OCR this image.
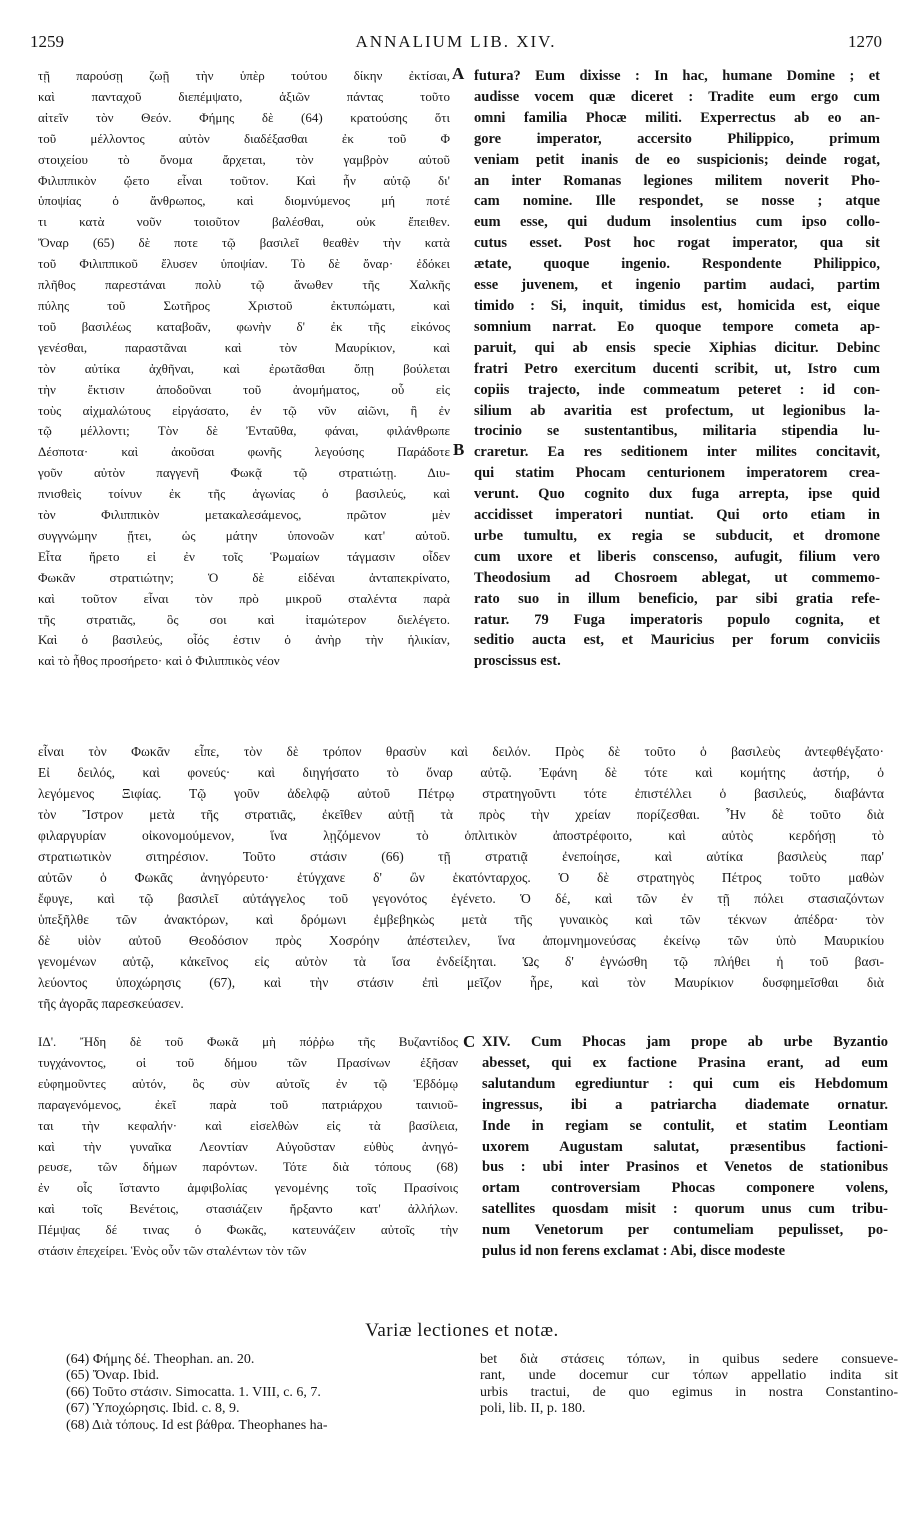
1259	ANNALIUM LIB. XIV.	1270
A
B
C
τῇ παρούσῃ ζωῇ τὴν ὑπὲρ τούτου δίκην ἐκτίσαι,
καὶ πανταχοῦ διεπέμψατο, ἀξιῶν πάντας τοῦτο
αἰτεῖν τὸν Θεόν. Φήμης δὲ (64) κρατούσης ὅτι
τοῦ μέλλοντος αὐτὸν διαδέξασθαι ἐκ τοῦ Φ
στοιχείου τὸ ὄνομα ἄρχεται, τὸν γαμβρὸν αὐτοῦ
Φιλιππικὸν ᾤετο εἶναι τοῦτον. Καὶ ἦν αὐτῷ δι'
ὑποψίας ὁ ἄνθρωπος, καὶ διομνύμενος μή ποτέ
τι κατὰ νοῦν τοιοῦτον βαλέσθαι, οὐκ ἔπειθεν.
Ὄναρ (65) δὲ ποτε τῷ βασιλεῖ θεαθὲν τὴν κατὰ
τοῦ Φιλιππικοῦ ἔλυσεν ὑποψίαν. Τὸ δὲ ὄναρ· ἐδόκει
πλῆθος παρεστάναι πολὺ τῷ ἄνωθεν τῆς Χαλκῆς
πύλης τοῦ Σωτῆρος Χριστοῦ ἐκτυπώματι, καὶ
τοῦ βασιλέως καταβοᾶν, φωνὴν δ' ἐκ τῆς εἰκόνος
γενέσθαι, παραστᾶναι καὶ τὸν Μαυρίκιον, καὶ
τὸν αὐτίκα ἀχθῆναι, καὶ ἐρωτᾶσθαι ὅπῃ βούλεται
τὴν ἔκτισιν ἀποδοῦναι τοῦ ἀνομήματος, οὗ εἰς
τοὺς αἰχμαλώτους εἰργάσατο, ἐν τῷ νῦν αἰῶνι, ἢ ἐν
τῷ μέλλοντι; Τὸν δὲ Ἐνταῦθα, φάναι, φιλάνθρωπε
Δέσποτα· καὶ ἀκοῦσαι φωνῆς λεγούσης Παράδοτε
γοῦν αὐτὸν παγγενῆ Φωκᾷ τῷ στρατιώτῃ. Διυ-
πνισθεὶς τοίνυν ἐκ τῆς ἀγωνίας ὁ βασιλεύς, καὶ
τὸν Φιλιππικὸν μετακαλεσάμενος, πρῶτον μὲν
συγγνώμην ᾔτει, ὡς μάτην ὑπονοῶν κατ' αὐτοῦ.
Εἶτα ἤρετο εἰ ἐν τοῖς Ῥωμαίων τάγμασιν οἶδεν
Φωκᾶν στρατιώτην; Ὁ δὲ εἰδέναι ἀνταπεκρίνατο,
καὶ τοῦτον εἶναι τὸν πρὸ μικροῦ σταλέντα παρὰ
τῆς στρατιᾶς, ὃς σοι καὶ ἰταμώτερον διελέγετο.
Καὶ ὁ βασιλεύς, οἷός ἐστιν ὁ ἀνὴρ τὴν ἡλικίαν,
καὶ τὸ ἦθος προσήρετο· καὶ ὁ Φιλιππικὸς νέον
futura? Eum dixisse : In hac, humane Domine ; et
audisse vocem quæ diceret : Tradite eum ergo cum
omni familia Phocæ militi. Experrectus ab eo an-
gore imperator, accersito Philippico, primum
veniam petit inanis de eo suspicionis; deinde rogat,
an inter Romanas legiones militem noverit Pho-
cam nomine. Ille respondet, se nosse ; atque
eum esse, qui dudum insolentius cum ipso collo-
cutus esset. Post hoc rogat imperator, qua sit
ætate, quoque ingenio. Respondente Philippico,
esse juvenem, et ingenio partim audaci, partim
timido : Si, inquit, timidus est, homicida est, eique
somnium narrat. Eo quoque tempore cometa ap-
paruit, qui ab ensis specie Xiphias dicitur. Debinc
fratri Petro exercitum ducenti scribit, ut, Istro cum
copiis trajecto, inde commeatum peteret : id con-
silium ab avaritia est profectum, ut legionibus la-
trocinio se sustentantibus, militaria stipendia lu-
craretur. Ea res seditionem inter milites concitavit,
qui statim Phocam centurionem imperatorem crea-
verunt. Quo cognito dux fuga arrepta, ipse quid
accidisset imperatori nuntiat. Qui orto etiam in
urbe tumultu, ex regia se subducit, et dromone
cum uxore et liberis conscenso, aufugit, filium vero
Theodosium ad Chosroem ablegat, ut commemo-
rato suo in illum beneficio, par sibi gratia refe-
ratur. 79 Fuga imperatoris populo cognita, et
seditio aucta est, et Mauricius per forum conviciis
proscissus est.
εἶναι τὸν Φωκᾶν εἶπε, τὸν δὲ τρόπον θρασὺν καὶ δειλόν. Πρὸς δὲ τοῦτο ὁ βασιλεὺς ἀντεφθέγξατο·
Εἰ δειλός, καὶ φονεύς· καὶ διηγήσατο τὸ ὄναρ αὐτῷ. Ἐφάνη δὲ τότε καὶ κομήτης ἀστήρ, ὁ
λεγόμενος Ξιφίας. Τῷ γοῦν ἀδελφῷ αὐτοῦ Πέτρῳ στρατηγοῦντι τότε ἐπιστέλλει ὁ βασιλεύς, διαβάντα
τὸν Ἴστρον μετὰ τῆς στρατιᾶς, ἐκεῖθεν αὐτῇ τὰ πρὸς τὴν χρείαν πορίζεσθαι. Ἦν δὲ τοῦτο διὰ
φιλαργυρίαν οἰκονομούμενον, ἵνα λῃζόμενον τὸ ὁπλιτικὸν ἀποστρέφοιτο, καὶ αὐτὸς κερδήσῃ τὸ
στρατιωτικὸν σιτηρέσιον. Τοῦτο στάσιν (66) τῇ στρατιᾷ ἐνεποίησε, καὶ αὐτίκα βασιλεὺς παρ'
αὐτῶν ὁ Φωκᾶς ἀνηγόρευτο· ἐτύγχανε δ' ὢν ἑκατόνταρχος. Ὁ δὲ στρατηγὸς Πέτρος τοῦτο μαθὼν
ἔφυγε, καὶ τῷ βασιλεῖ αὐτάγγελος τοῦ γεγονότος ἐγένετο. Ὁ δέ, καὶ τῶν ἐν τῇ πόλει στασιαζόντων
ὑπεξῆλθε τῶν ἀνακτόρων, καὶ δρόμωνι ἐμβεβηκὼς μετὰ τῆς γυναικὸς καὶ τῶν τέκνων ἀπέδρα· τὸν
δὲ υἱὸν αὐτοῦ Θεοδόσιον πρὸς Χοσρόην ἀπέστειλεν, ἵνα ἀπομνημονεύσας ἐκείνῳ τῶν ὑπὸ Μαυρικίου
γενομένων αὐτῷ, κἀκεῖνος εἰς αὐτὸν τὰ ἴσα ἐνδείξηται. Ὡς δ' ἐγνώσθη τῷ πλήθει ἡ τοῦ βασι-
λεύοντος ὑποχώρησις (67), καὶ τὴν στάσιν ἐπὶ μεῖζον ἦρε, καὶ τὸν Μαυρίκιον δυσφημεῖσθαι διὰ
τῆς ἀγορᾶς παρεσκεύασεν.
ΙΔ'. Ἤδη δὲ τοῦ Φωκᾶ μὴ πόῤῥω τῆς Βυζαντίδος
τυγχάνοντος, οἱ τοῦ δήμου τῶν Πρασίνων ἐξῆσαν
εὐφημοῦντες αὐτόν, ὃς σὺν αὐτοῖς ἐν τῷ Ἑβδόμῳ
παραγενόμενος, ἐκεῖ παρὰ τοῦ πατριάρχου ταινιοῦ-
ται τὴν κεφαλήν· καὶ εἰσελθὼν εἰς τὰ βασίλεια,
καὶ τὴν γυναῖκα Λεοντίαν Αὐγοῦσταν εὐθὺς ἀνηγό-
ρευσε, τῶν δήμων παρόντων. Τότε διὰ τόπους (68)
ἐν οἷς ἵσταντο ἀμφιβολίας γενομένης τοῖς Πρασίνοις
καὶ τοῖς Βενέτοις, στασιάζειν ἤρξαντο κατ' ἀλλήλων.
Πέμψας δέ τινας ὁ Φωκᾶς, κατευνάζειν αὐτοῖς τὴν
στάσιν ἐπεχείρει. Ἑνὸς οὖν τῶν σταλέντων τὸν τῶν
XIV. Cum Phocas jam prope ab urbe Byzantio
abesset, qui ex factione Prasina erant, ad eum
salutandum egrediuntur : qui cum eis Hebdomum
ingressus, ibi a patriarcha diademate ornatur.
Inde in regiam se contulit, et statim Leontiam
uxorem Augustam salutat, præsentibus factioni-
bus : ubi inter Prasinos et Venetos de stationibus
ortam controversiam Phocas componere volens,
satellites quosdam misit : quorum unus cum tribu-
num Venetorum per contumeliam pepulisset, po-
pulus id non ferens exclamat : Abi, disce modeste
Variæ lectiones et notæ.
(64) Φήμης δέ. Theophan. an. 20.
(65) Ὄναρ. Ibid.
(66) Τοῦτο στάσιν. Simocatta. 1. VIII, c. 6, 7.
(67) Ὑποχώρησις. Ibid. c. 8, 9.
(68) Διὰ τόπους. Id est βάθρα. Theophanes ha-
bet διὰ στάσεις τόπων, in quibus sedere consueve-
rant, unde docemur cur τόπων appellatio indita sit
urbis tractui, de quo egimus in nostra Constantino-
poli, lib. II, p. 180.
